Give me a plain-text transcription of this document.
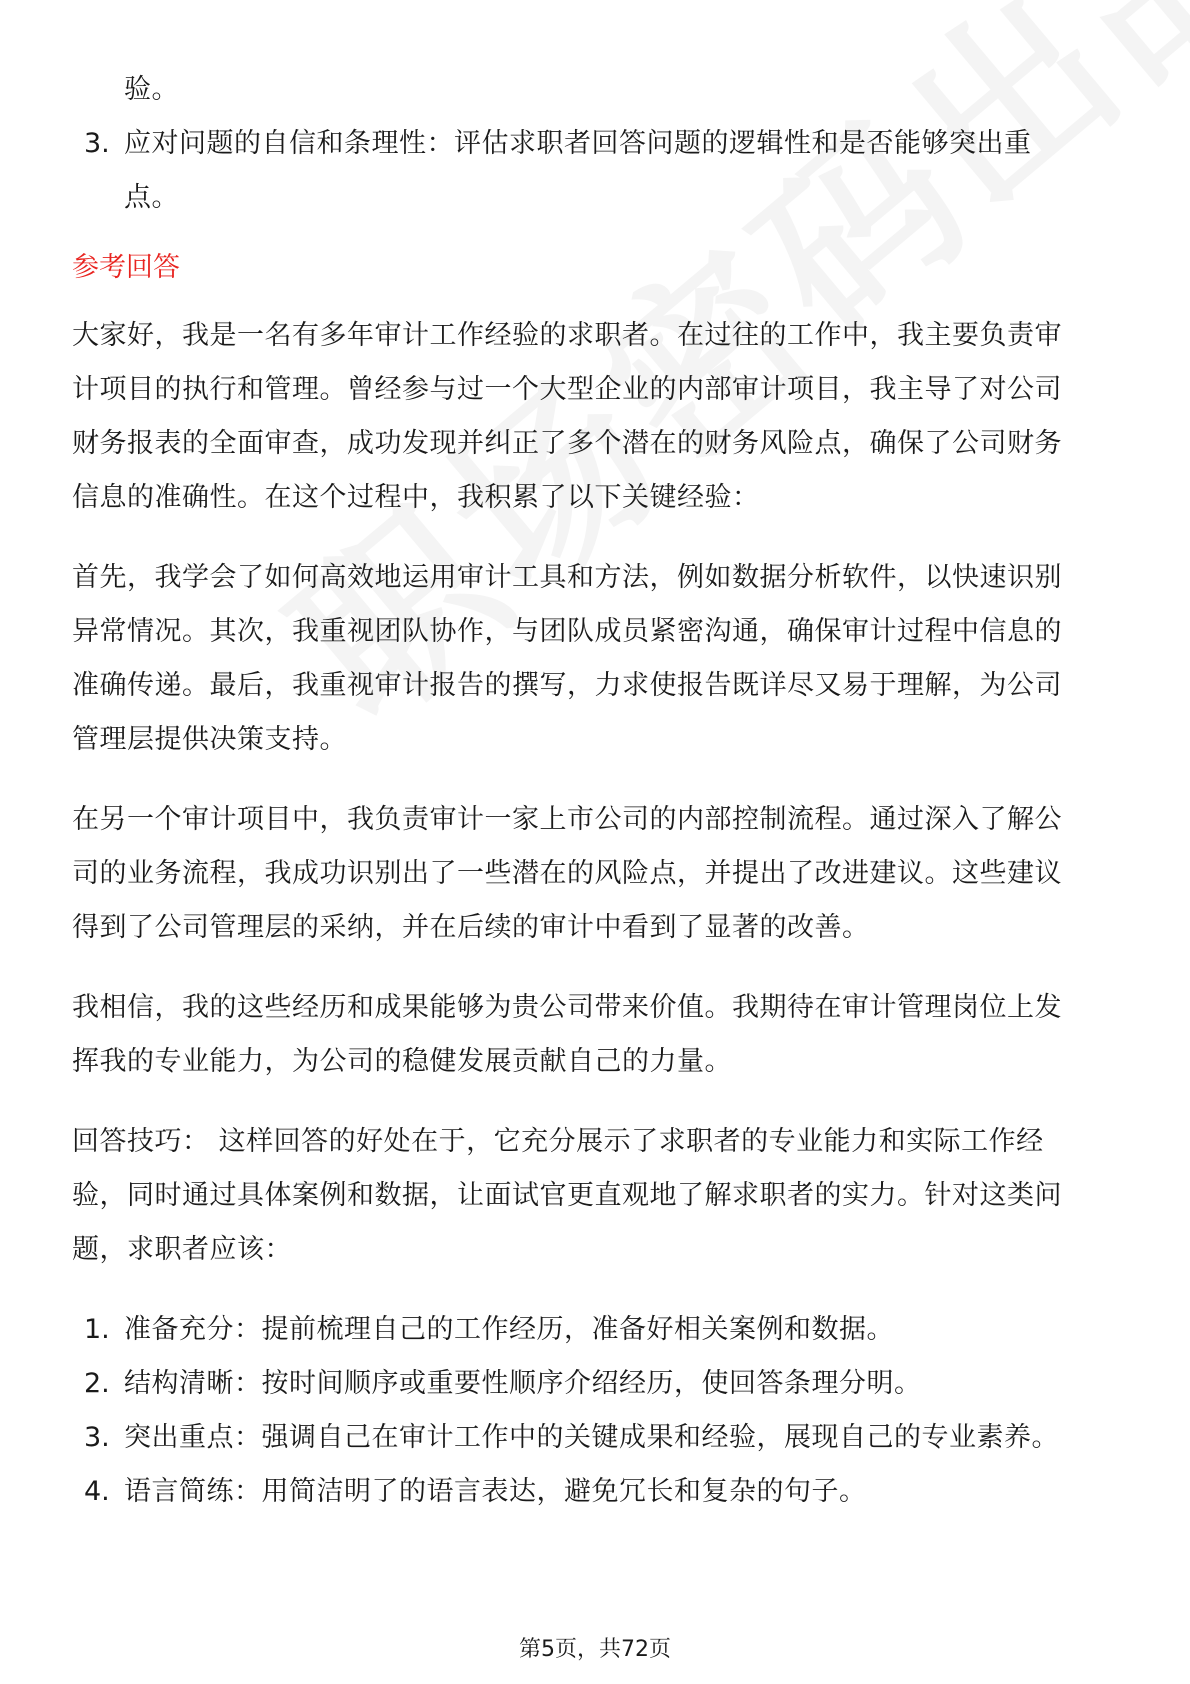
验。
3. 应对问题的自信和条理性：评估求职者回答问题的逻辑性和是否能够突出重
点。
参考回答
大家好，我是一名有多年审计工作经验的求职者。在过往的工作中，我主要负责审
计项目的执行和管理。曾经参与过一个大型企业的内部审计项目，我主导了对公司
财务报表的全面审查，成功发现并纠正了多个潜在的财务风险点，确保了公司财务
信息的准确性。在这个过程中，我积累了以下关键经验：
首先，我学会了如何高效地运用审计工具和方法，例如数据分析软件，以快速识别
异常情况。其次，我重视团队协作，与团队成员紧密沟通，确保审计过程中信息的
准确传递。最后，我重视审计报告的撰写，力求使报告既详尽又易于理解，为公司
管理层提供决策支持。
在另一个审计项目中，我负责审计一家上市公司的内部控制流程。通过深入了解公
司的业务流程，我成功识别出了一些潜在的风险点，并提出了改进建议。这些建议
得到了公司管理层的采纳，并在后续的审计中看到了显著的改善。
我相信，我的这些经历和成果能够为贵公司带来价值。我期待在审计管理岗位上发
挥我的专业能力，为公司的稳健发展贡献自己的力量。
回答技巧： 这样回答的好处在于，它充分展示了求职者的专业能力和实际工作经
验，同时通过具体案例和数据，让面试官更直观地了解求职者的实力。针对这类问
题，求职者应该：
1. 准备充分：提前梳理自己的工作经历，准备好相关案例和数据。
2. 结构清晰：按时间顺序或重要性顺序介绍经历，使回答条理分明。
3. 突出重点：强调自己在审计工作中的关键成果和经验，展现自己的专业素养。
4. 语言简练：用简洁明了的语言表达，避免冗长和复杂的句子。
第5页，共72页
